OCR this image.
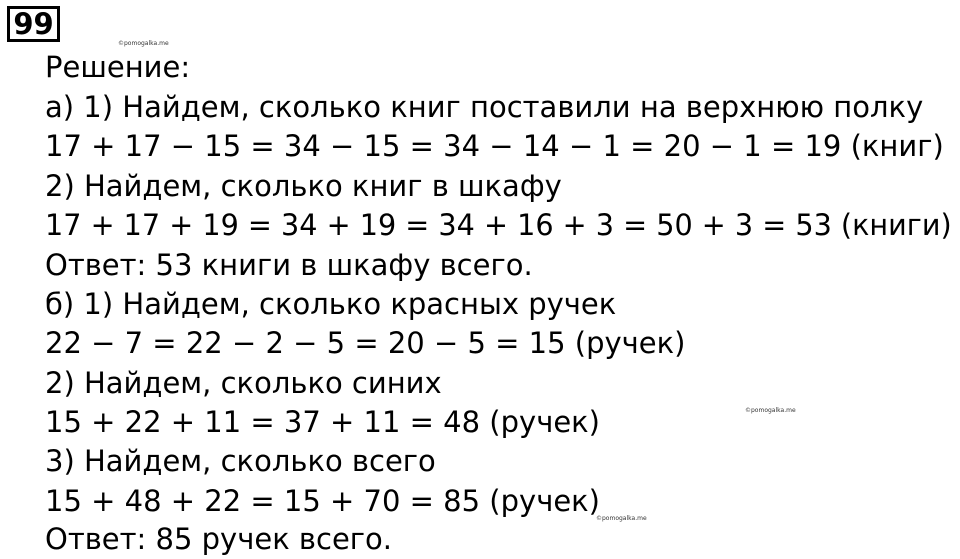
99
©pomogalka.me
©pomogalka.me
©pomogalka.me
Решение:
а) 1) Найдем, сколько книг поставили на верхнюю полку
17 + 17 − 15 = 34 − 15 = 34 − 14 − 1 = 20 − 1 = 19 (книг)
2) Найдем, сколько книг в шкафу
17 + 17 + 19 = 34 + 19 = 34 + 16 + 3 = 50 + 3 = 53 (книги)
Ответ: 53 книги в шкафу всего.
б) 1) Найдем, сколько красных ручек
22 − 7 = 22 − 2 − 5 = 20 − 5 = 15 (ручек)
2) Найдем, сколько синих
15 + 22 + 11 = 37 + 11 = 48 (ручек)
3) Найдем, сколько всего
15 + 48 + 22 = 15 + 70 = 85 (ручек)
Ответ: 85 ручек всего.
